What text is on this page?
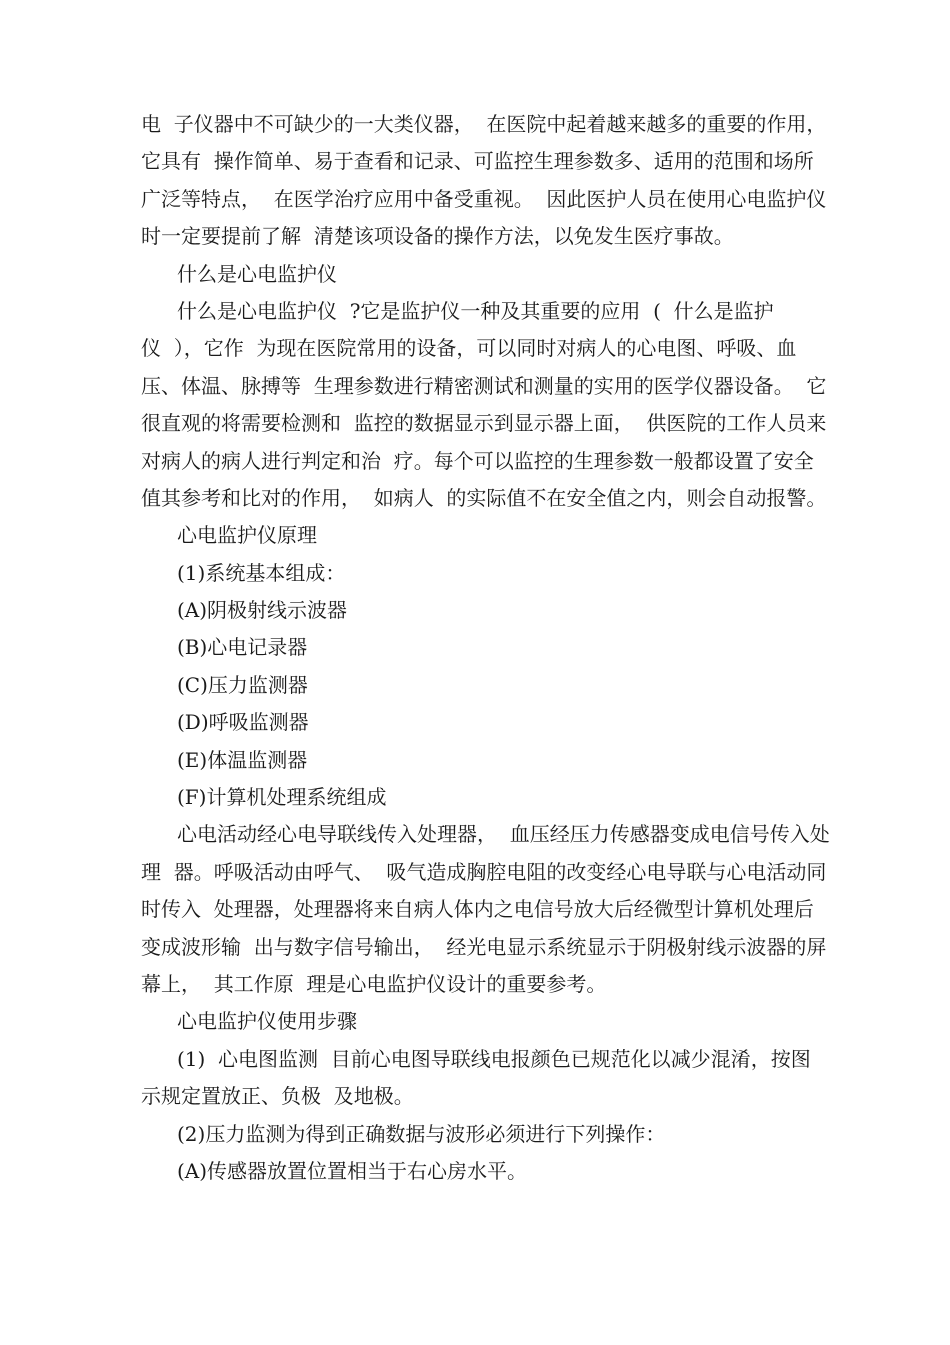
电  子仪器中不可缺少的一大类仪器，  在医院中起着越来越多的重要的作用，
它具有  操作简单、易于查看和记录、可监控生理参数多、适用的范围和场所
广泛等特点，  在医学治疗应用中备受重视。  因此医护人员在使用心电监护仪
时一定要提前了解  清楚该项设备的操作方法，以免发生医疗事故。
什么是心电监护仪
什么是心电监护仪  ?它是监护仪一种及其重要的应用  (  什么是监护
仪  ），它作  为现在医院常用的设备，可以同时对病人的心电图、呼吸、血
压、体温、脉搏等  生理参数进行精密测试和测量的实用的医学仪器设备。  它
很直观的将需要检测和  监控的数据显示到显示器上面，  供医院的工作人员来
对病人的病人进行判定和治  疗。每个可以监控的生理参数一般都设置了安全
值其参考和比对的作用，  如病人  的实际值不在安全值之内，则会自动报警。
心电监护仪原理
(1)系统基本组成：
(A)阴极射线示波器
(B)心电记录器
(C)压力监测器
(D)呼吸监测器
(E)体温监测器
(F)计算机处理系统组成
心电活动经心电导联线传入处理器，  血压经压力传感器变成电信号传入处
理  器。呼吸活动由呼气、  吸气造成胸腔电阻的改变经心电导联与心电活动同
时传入  处理器，处理器将来自病人体内之电信号放大后经微型计算机处理后
变成波形输  出与数字信号输出，  经光电显示系统显示于阴极射线示波器的屏
幕上，  其工作原  理是心电监护仪设计的重要参考。
心电监护仪使用步骤
(1)  心电图监测  目前心电图导联线电报颜色已规范化以减少混淆，按图
示规定置放正、负极  及地极。
(2)压力监测为得到正确数据与波形必须进行下列操作：
(A)传感器放置位置相当于右心房水平。
